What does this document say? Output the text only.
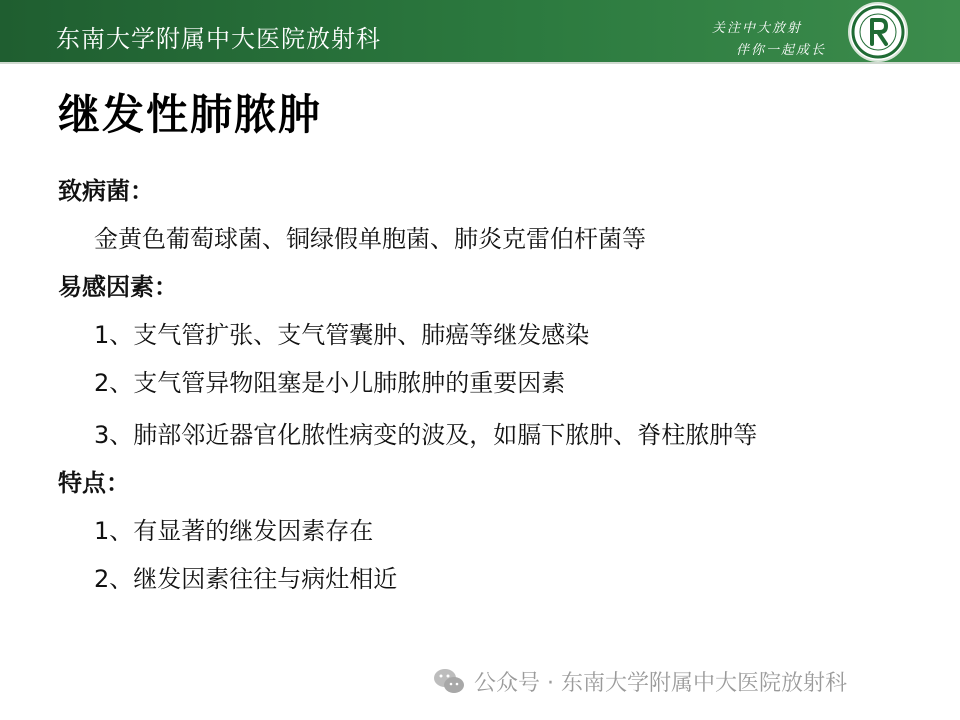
东南大学附属中大医院放射科	关注中大放射
伴你一起成长
继发性肺脓肿
致病菌：
金黄色葡萄球菌、铜绿假单胞菌、肺炎克雷伯杆菌等
易感因素：
1、支气管扩张、支气管囊肿、肺癌等继发感染
2、支气管异物阻塞是小儿肺脓肿的重要因素
3、肺部邻近器官化脓性病变的波及，如膈下脓肿、脊柱脓肿等
特点：
1、有显著的继发因素存在
2、继发因素往往与病灶相近
公众号 · 东南大学附属中大医院放射科
